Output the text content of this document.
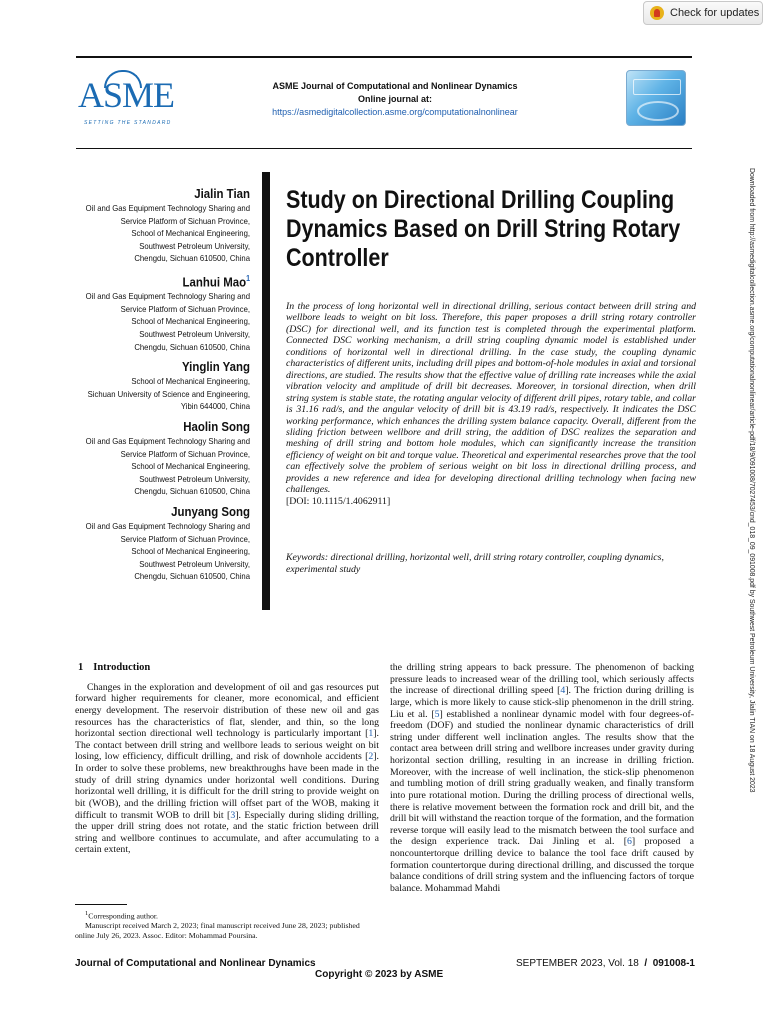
Check for updates
ASME
SETTING THE STANDARD
ASME Journal of Computational and Nonlinear Dynamics
Online journal at:
https://asmedigitalcollection.asme.org/computationalnonlinear
Jialin Tian
Oil and Gas Equipment Technology Sharing and
Service Platform of Sichuan Province,
School of Mechanical Engineering,
Southwest Petroleum University,
Chengdu, Sichuan 610500, China
Lanhui Mao$^1$
Oil and Gas Equipment Technology Sharing and
Service Platform of Sichuan Province,
School of Mechanical Engineering,
Southwest Petroleum University,
Chengdu, Sichuan 610500, China
Yinglin Yang
School of Mechanical Engineering,
Sichuan University of Science and Engineering,
Yibin 644000, China
Haolin Song
Oil and Gas Equipment Technology Sharing and
Service Platform of Sichuan Province,
School of Mechanical Engineering,
Southwest Petroleum University,
Chengdu, Sichuan 610500, China
Junyang Song
Oil and Gas Equipment Technology Sharing and
Service Platform of Sichuan Province,
School of Mechanical Engineering,
Southwest Petroleum University,
Chengdu, Sichuan 610500, China
Study on Directional Drilling Coupling Dynamics Based on Drill String Rotary Controller
In the process of long horizontal well in directional drilling, serious contact between drill string and wellbore leads to weight on bit loss. Therefore, this paper proposes a drill string rotary controller (DSC) for directional well, and its function test is completed through the experimental platform. Connected DSC working mechanism, a drill string coupling dynamic model is established under conditions of horizontal well in directional drilling. In the case study, the coupling dynamic characteristics of different units, including drill pipes and bottom-of-hole modules in axial and torsional directions, are studied. The results show that the effective value of drilling rate increases while the axial vibration velocity and amplitude of drill bit decreases. Moreover, in torsional direction, when drill string system is stable state, the rotating angular velocity of different drill pipes, rotary table, and collar is 31.16 rad/s, and the angular velocity of drill bit is 43.19 rad/s, respectively. It indicates the DSC working performance, which enhances the drilling system balance capacity. Overall, different from the sliding friction between wellbore and drill string, the addition of DSC realizes the separation and meshing of drill string and bottom hole modules, which can significantly increase the transition efficiency of weight on bit and torque value. Theoretical and experimental researches prove that the tool can effectively solve the problem of serious weight on bit loss in directional drilling process, and provides a new reference and idea for developing directional drilling technology when facing new challenges.
[DOI: 10.1115/1.4062911]
Keywords: directional drilling, horizontal well, drill string rotary controller, coupling dynamics, experimental study	Downloaded from http://asmedigitalcollection.asme.org/computationalnonlinear/article-pdf/18/9/091008/7027453/cnd_018_09_091008.pdf by Southwest Petroleum University, Jialin TIAN on 18 August 2023
1 Introduction

Changes in the exploration and development of oil and gas resources put forward higher requirements for cleaner, more economical, and efficient energy development. The reservoir distribution of these new oil and gas resources has the characteristics of flat, slender, and thin, so the long horizontal section directional well technology is particularly important [1]. The contact between drill string and wellbore leads to serious weight on bit losing, low efficiency, difficult drilling, and risk of downhole accidents [2]. In order to solve these problems, new breakthroughs have been made in the study of drill string dynamics under horizontal well conditions. During horizontal well drilling, it is difficult for the drill string to provide weight on bit (WOB), and the drilling friction will offset part of the WOB, making it difficult to transmit WOB to drill bit [3]. Especially during sliding drilling, the upper drill string does not rotate, and the static friction between drill string and wellbore continues to accumulate, and after accumulating to a certain extent,

the drilling string appears to back pressure. The phenomenon of backing pressure leads to increased wear of the drilling tool, which seriously affects the increase of directional drilling speed [4]. The friction during drilling is large, which is more likely to cause stick-slip phenomenon in the drill string. Liu et al. [5] established a nonlinear dynamic model with four degrees-of-freedom (DOF) and studied the nonlinear dynamic characteristics of drill string under different well inclination angles. The results show that the contact area between drill string and wellbore increases under gravity during horizontal section drilling, resulting in an increase in drilling friction. Moreover, with the increase of well inclination, the stick-slip phenomenon and tumbling motion of drill string gradually weaken, and finally transform into pure rotational motion. During the drilling process of directional wells, there is relative movement between the formation rock and drill bit, and the drill bit will withstand the reaction torque of the formation, and the formation reverse torque will easily lead to the mismatch between the tool surface and the design experience track. Dai Jinling et al. [6] proposed a noncountertorque drilling device to balance the tool face drift caused by formation countertorque during directional drilling, and discussed the torque balance conditions of drill string system and the influencing factors of torque balance. Mohammad Mahdi

$^1$Corresponding author.

Manuscript received March 2, 2023; final manuscript received June 28, 2023; published online July 26, 2023. Assoc. Editor: Mohammad Poursina.

Journal of Computational and Nonlinear Dynamics	SEPTEMBER 2023, Vol. 18 / 091008-1
Copyright © 2023 by ASME
